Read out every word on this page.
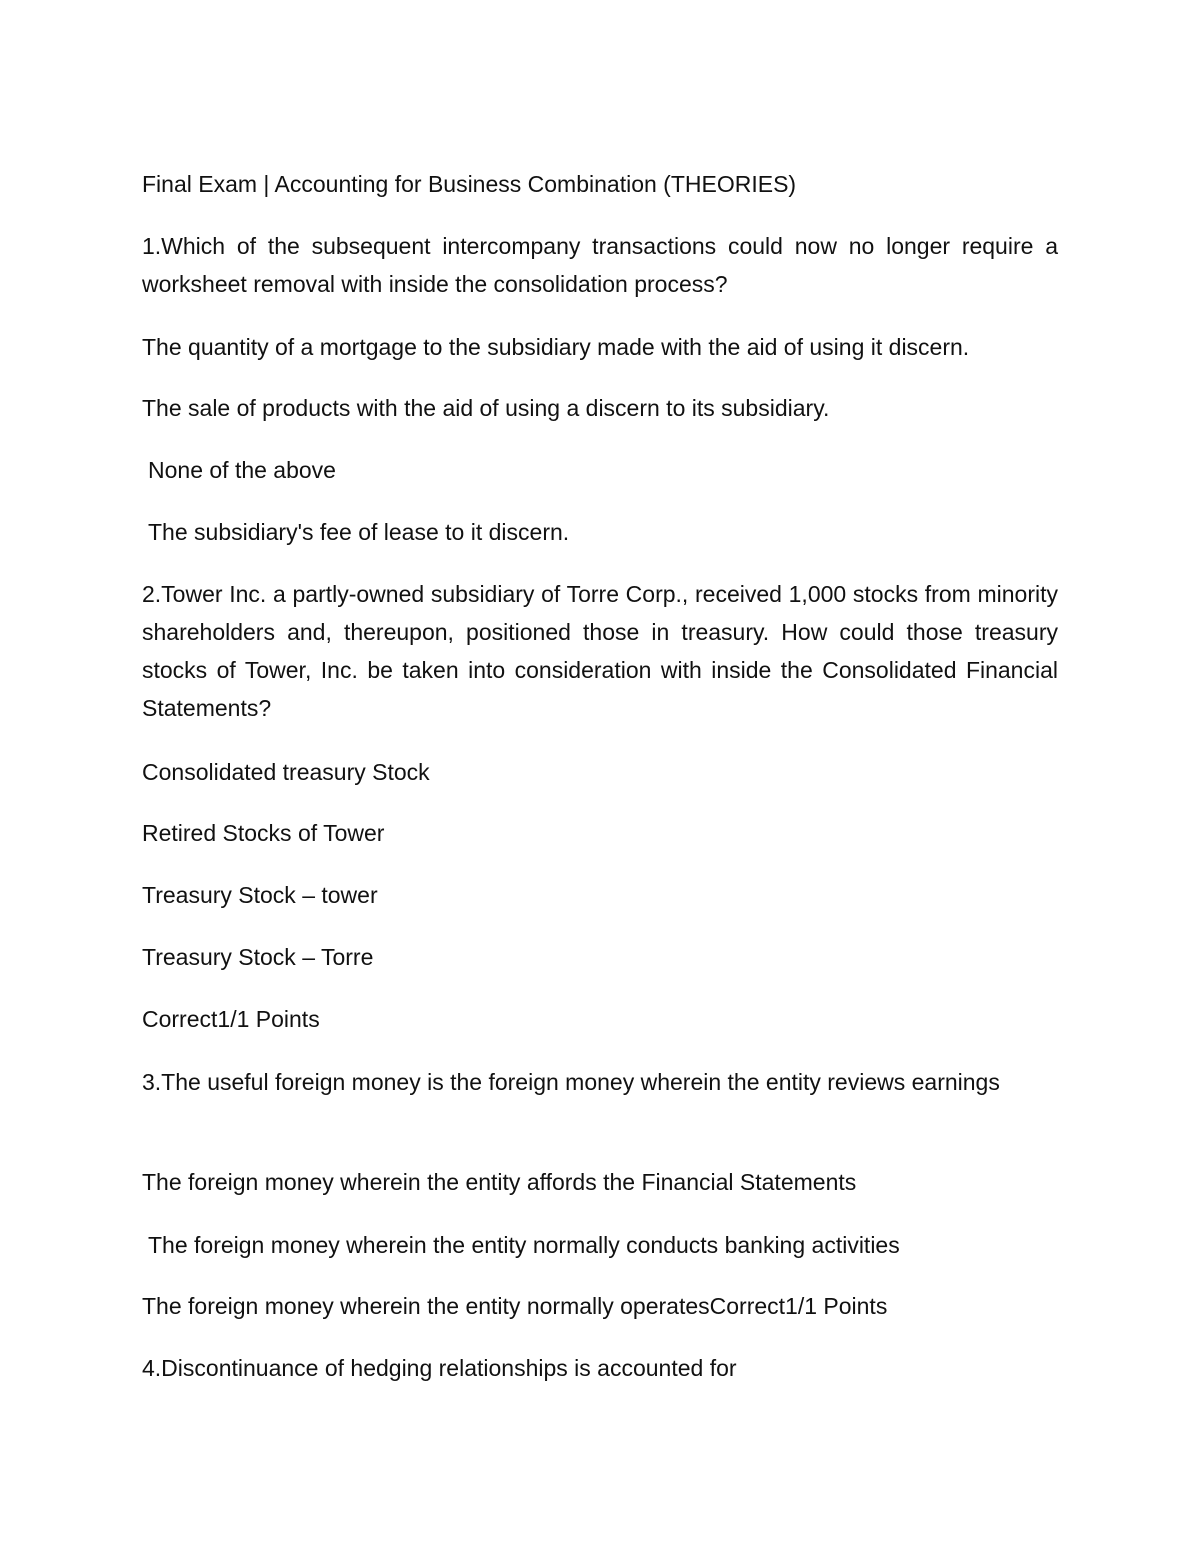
Final Exam | Accounting for Business Combination (THEORIES)

1.Which of the subsequent intercompany transactions could now no longer require a worksheet removal with inside the consolidation process?

The quantity of a mortgage to the subsidiary made with the aid of using it discern.

The sale of products with the aid of using a discern to its subsidiary.

None of the above

The subsidiary's fee of lease to it discern.

2.Tower Inc. a partly-owned subsidiary of Torre Corp., received 1,000 stocks from minority shareholders and, thereupon, positioned those in treasury. How could those treasury stocks of Tower, Inc. be taken into consideration with inside the Consolidated Financial Statements?

Consolidated treasury Stock

Retired Stocks of Tower

Treasury Stock – tower

Treasury Stock – Torre

Correct1/1 Points

3.The useful foreign money is the foreign money wherein the entity reviews earnings

The foreign money wherein the entity affords the Financial Statements

The foreign money wherein the entity normally conducts banking activities

The foreign money wherein the entity normally operatesCorrect1/1 Points

4.Discontinuance of hedging relationships is accounted for
